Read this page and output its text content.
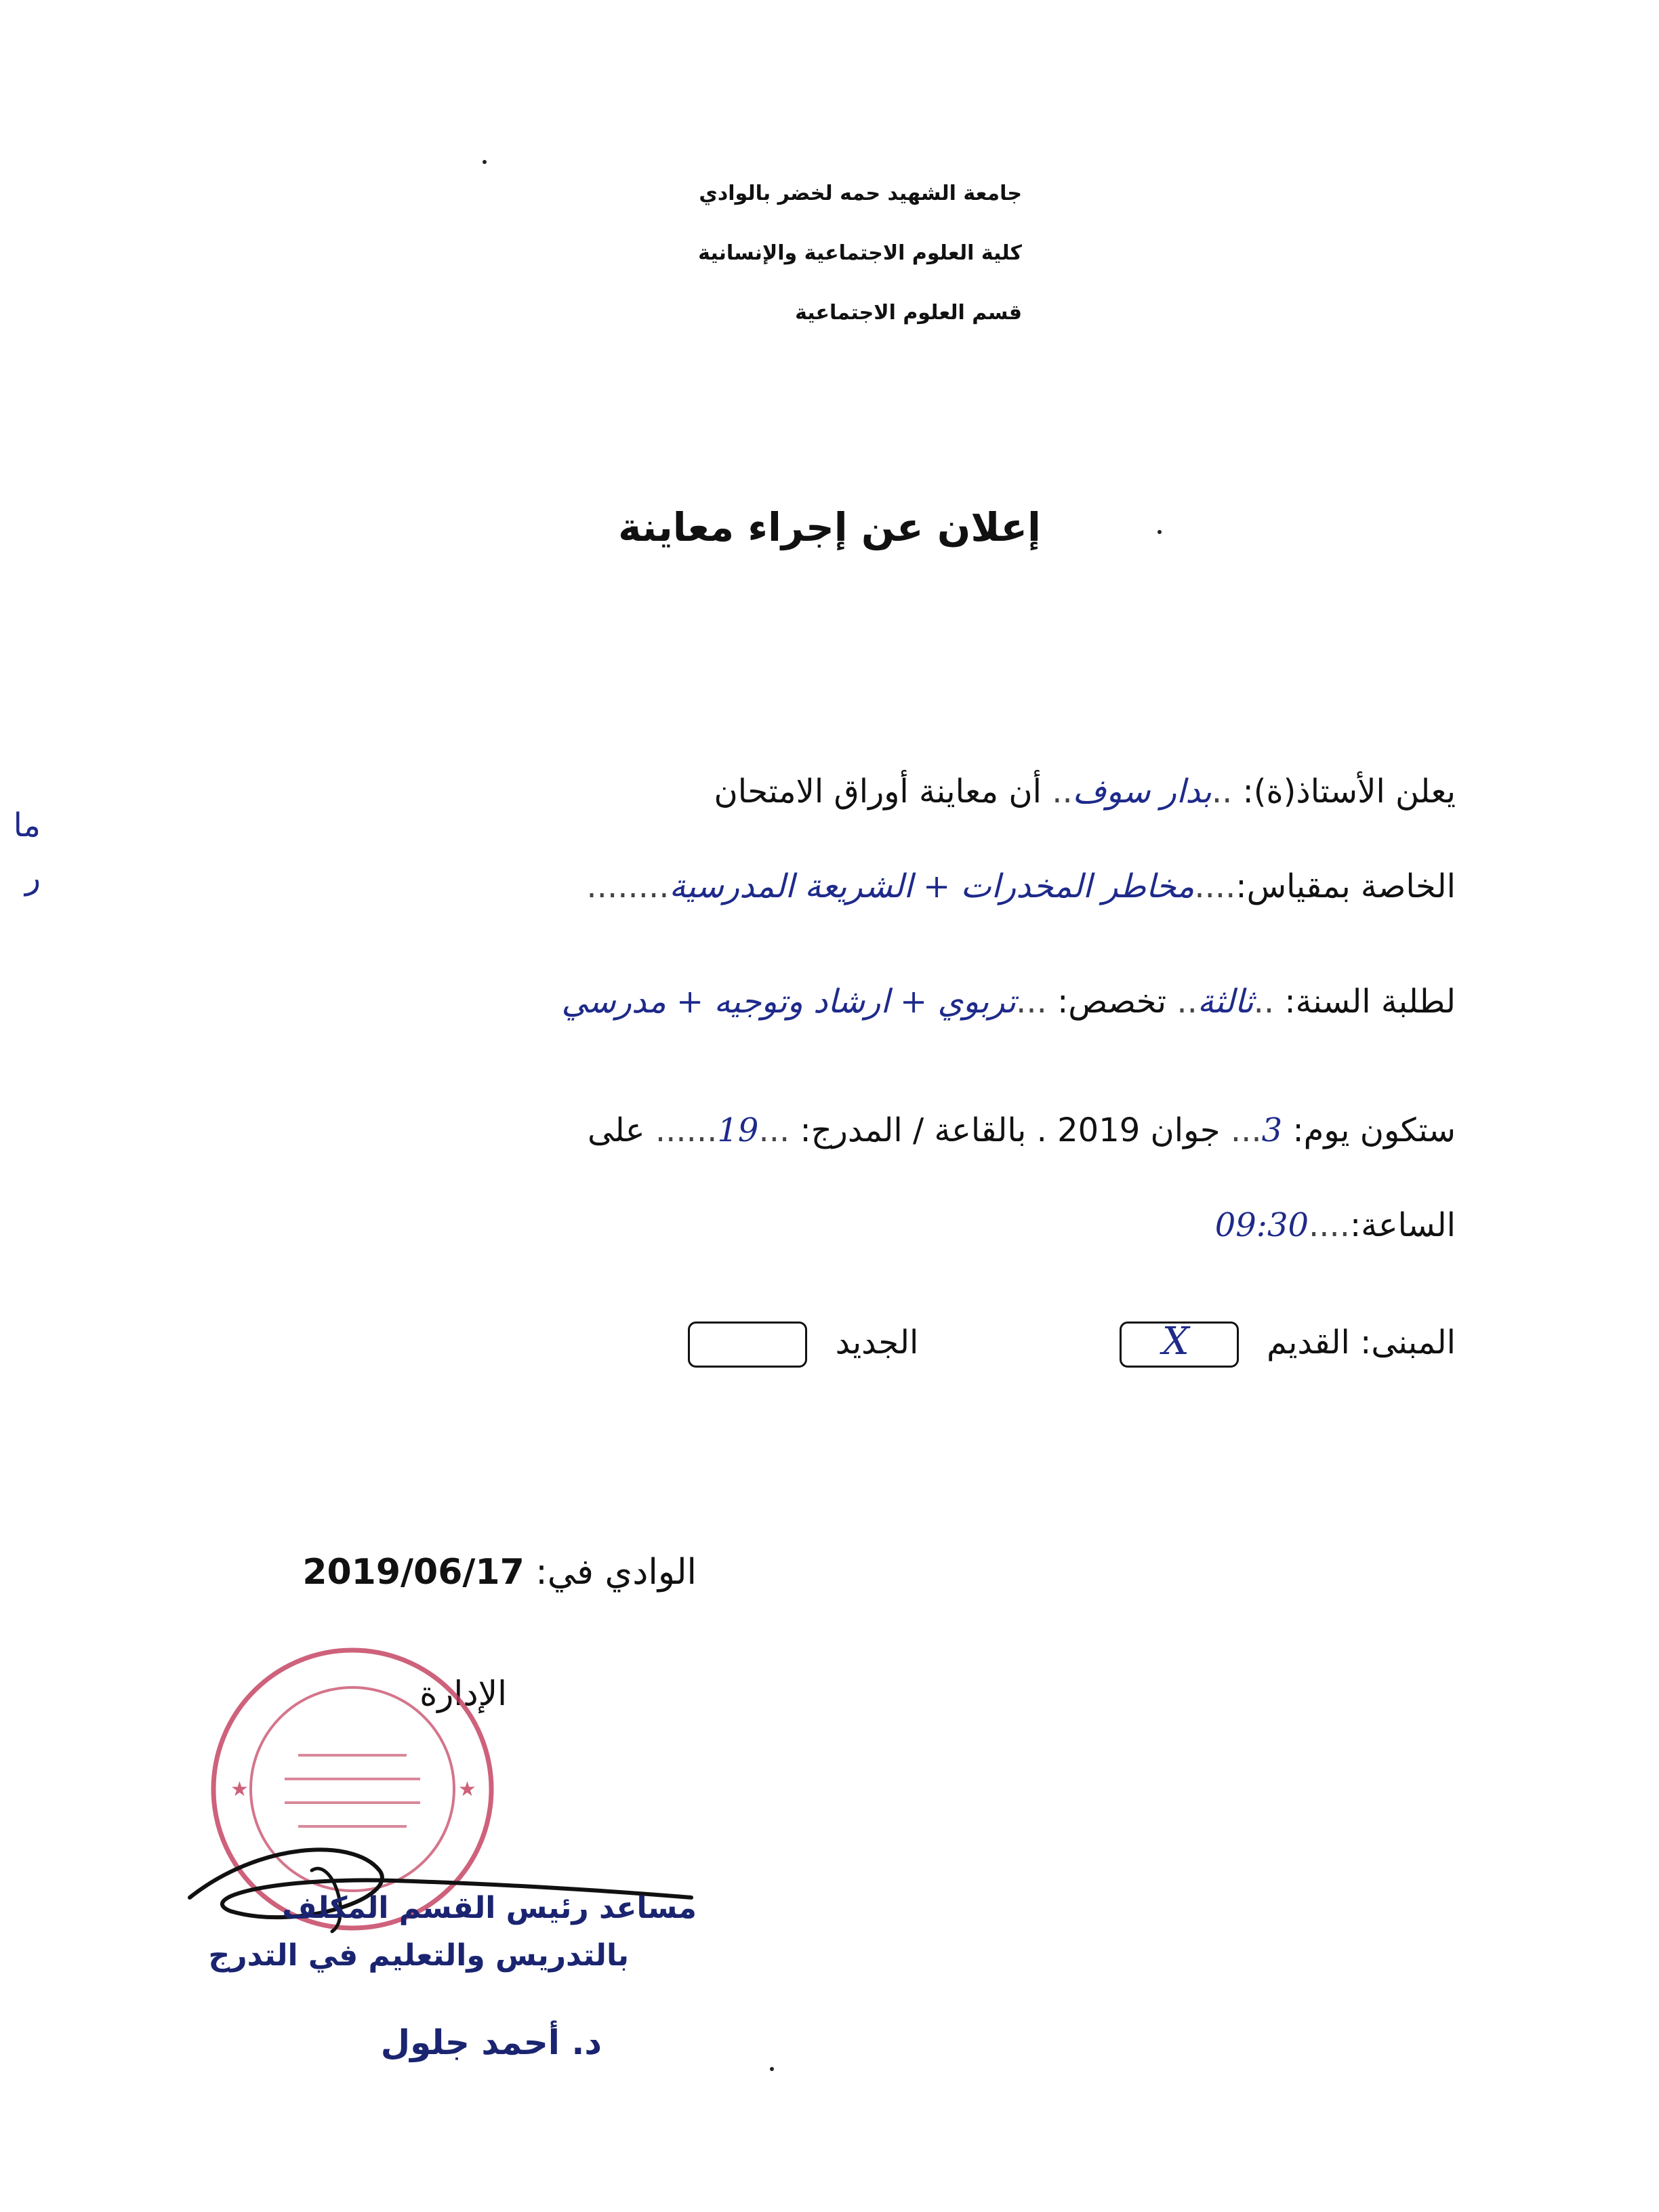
جامعة الشهيد حمه لخضر بالوادي
كلية العلوم الاجتماعية والإنسانية
قسم العلوم الاجتماعية
إعلان عن إجراء معاينة
ما ر
يعلن الأستاذ(ة): ..بدار سوف.. أن معاينة أوراق الامتحان
الخاصة بمقياس:....مخاطر المخدرات + الشريعة المدرسية........
لطلبة السنة: ..ثالثة.. تخصص: ...تربوي + ارشاد وتوجيه + مدرسي
ستكون يوم: 3... جوان 2019 . بالقاعة / المدرج: ...19...... على
الساعة:....09:30
المبنى: القديم
X
الجديد
الوادي في: 2019/06/17
الإدارة
★	★
مساعد رئيس القسم المكلف
بالتدريس والتعليم في التدرج
د. أحمد جلول
